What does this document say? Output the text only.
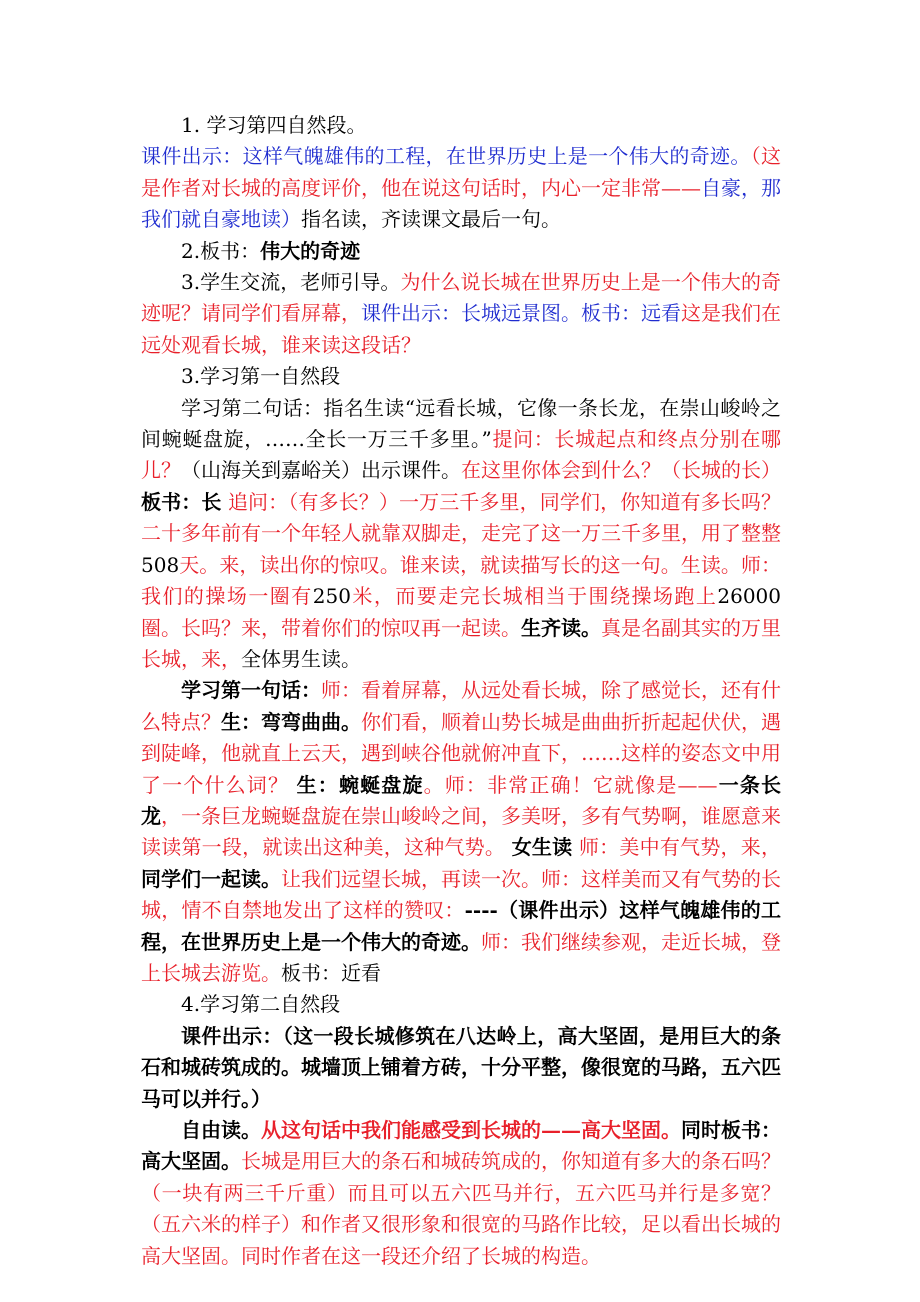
1. 学习第四自然段。

课件出示：这样气魄雄伟的工程，在世界历史上是一个伟大的奇迹。（这是作者对长城的高度评价，他在说这句话时，内心一定非常——自豪，那我们就自豪地读）指名读，齐读课文最后一句。

2.板书：伟大的奇迹

3.学生交流，老师引导。为什么说长城在世界历史上是一个伟大的奇迹呢？请同学们看屏幕，课件出示：长城远景图。板书：远看这是我们在远处观看长城，谁来读这段话？

3.学习第一自然段

学习第二句话：指名生读“远看长城，它像一条长龙，在崇山峻岭之间蜿蜒盘旋，……全长一万三千多里。”提问：长城起点和终点分别在哪儿？（山海关到嘉峪关）出示课件。在这里你体会到什么？（长城的长）板书：长 追问：（有多长？）一万三千多里，同学们，你知道有多长吗？二十多年前有一个年轻人就靠双脚走，走完了这一万三千多里，用了整整508天。来，读出你的惊叹。谁来读，就读描写长的这一句。生读。师：我们的操场一圈有250米，而要走完长城相当于围绕操场跑上26000圈。长吗？来，带着你们的惊叹再一起读。生齐读。真是名副其实的万里长城，来，全体男生读。

学习第一句话：师：看着屏幕，从远处看长城，除了感觉长，还有什么特点？生：弯弯曲曲。你们看，顺着山势长城是曲曲折折起起伏伏，遇到陡峰，他就直上云天，遇到峡谷他就俯冲直下，……这样的姿态文中用了一个什么词？ 生：蜿蜒盘旋。师：非常正确！它就像是——一条长龙，一条巨龙蜿蜒盘旋在崇山峻岭之间，多美呀，多有气势啊，谁愿意来读读第一段，就读出这种美，这种气势。 女生读 师：美中有气势，来，同学们一起读。让我们远望长城，再读一次。师：这样美而又有气势的长城，情不自禁地发出了这样的赞叹：----（课件出示）这样气魄雄伟的工程，在世界历史上是一个伟大的奇迹。师：我们继续参观，走近长城，登上长城去游览。板书：近看

4.学习第二自然段

课件出示：（这一段长城修筑在八达岭上，高大坚固，是用巨大的条石和城砖筑成的。城墙顶上铺着方砖，十分平整，像很宽的马路，五六匹马可以并行。）

自由读。从这句话中我们能感受到长城的——高大坚固。同时板书：高大坚固。长城是用巨大的条石和城砖筑成的，你知道有多大的条石吗？（一块有两三千斤重）而且可以五六匹马并行，五六匹马并行是多宽？（五六米的样子）和作者又很形象和很宽的马路作比较，足以看出长城的高大坚固。同时作者在这一段还介绍了长城的构造。
